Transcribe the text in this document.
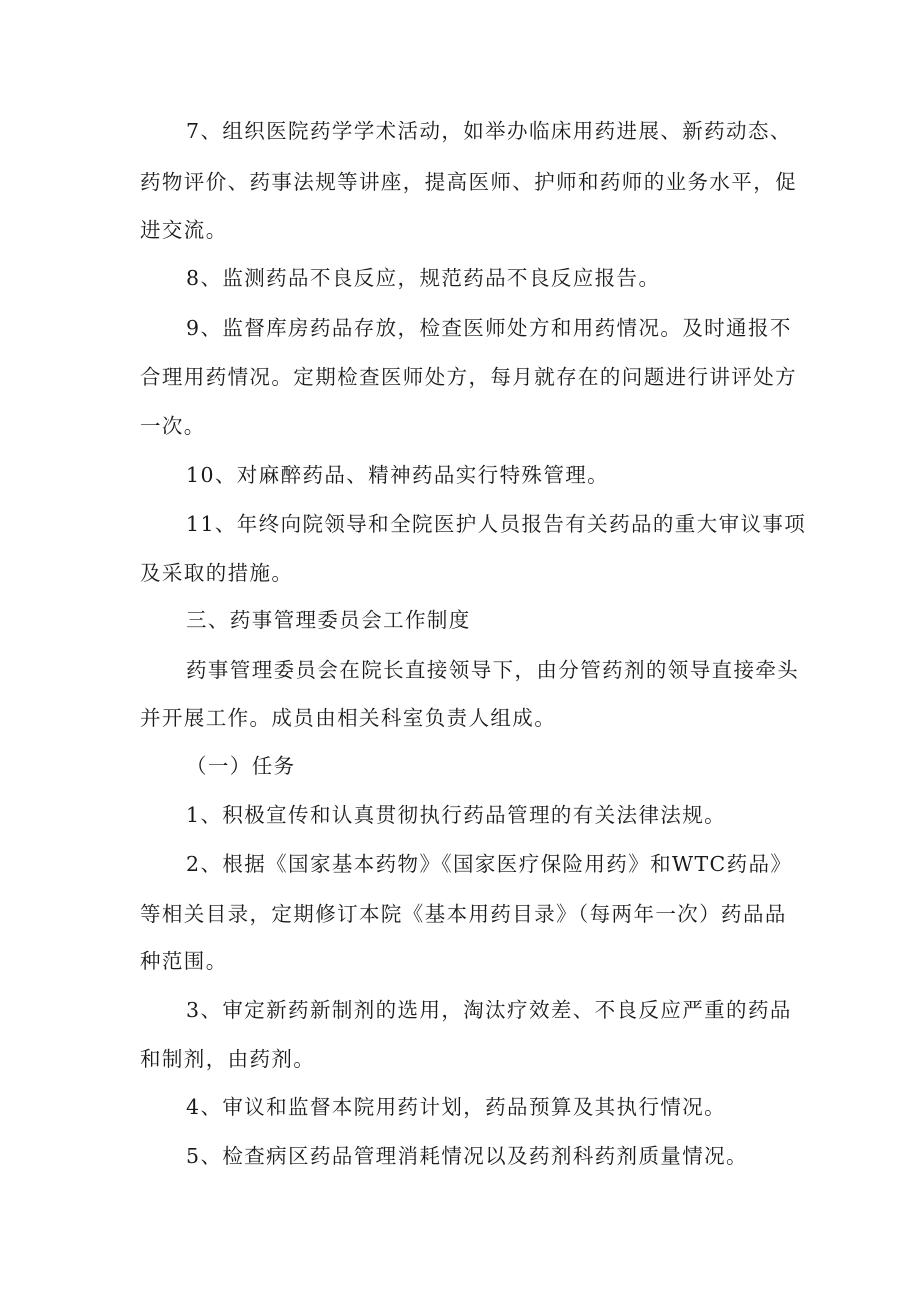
7、组织医院药学学术活动，如举办临床用药进展、新药动态、

药物评价、药事法规等讲座，提高医师、护师和药师的业务水平，促

进交流。

8、监测药品不良反应，规范药品不良反应报告。

9、监督库房药品存放，检查医师处方和用药情况。及时通报不

合理用药情况。定期检查医师处方，每月就存在的问题进行讲评处方

一次。

10、对麻醉药品、精神药品实行特殊管理。

11、年终向院领导和全院医护人员报告有关药品的重大审议事项

及采取的措施。

三、药事管理委员会工作制度

药事管理委员会在院长直接领导下，由分管药剂的领导直接牵头

并开展工作。成员由相关科室负责人组成。

（一）任务

1、积极宣传和认真贯彻执行药品管理的有关法律法规。

2、根据《国家基本药物》《国家医疗保险用药》和WTC药品》

等相关目录，定期修订本院《基本用药目录》（每两年一次）药品品

种范围。

3、审定新药新制剂的选用，淘汰疗效差、不良反应严重的药品

和制剂，由药剂。

4、审议和监督本院用药计划，药品预算及其执行情况。

5、检查病区药品管理消耗情况以及药剂科药剂质量情况。
